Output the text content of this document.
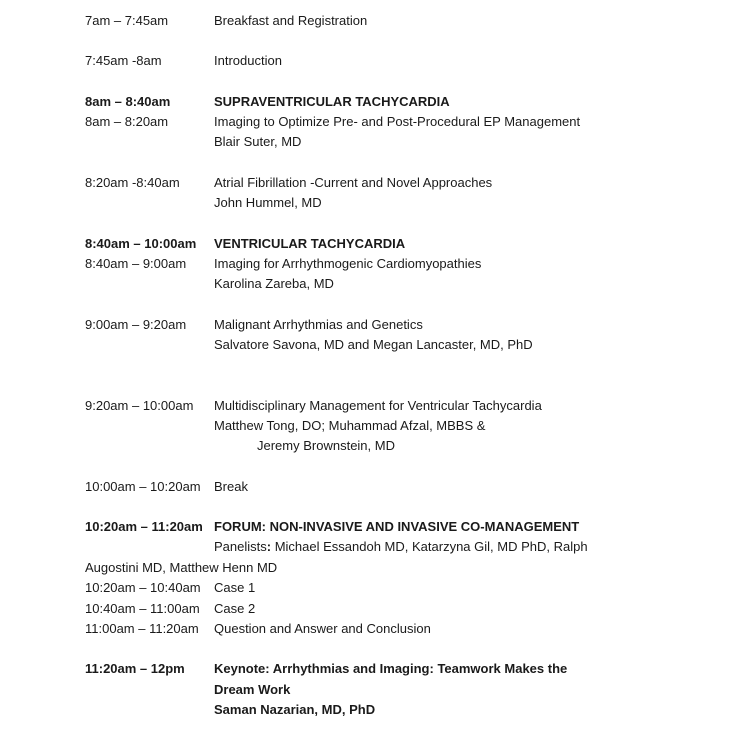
7am – 7:45am	Breakfast and Registration
7:45am -8am	Introduction
8am – 8:40am	SUPRAVENTRICULAR TACHYCARDIA
8am – 8:20am	Imaging to Optimize Pre- and Post-Procedural EP Management
Blair Suter, MD
8:20am -8:40am	Atrial Fibrillation -Current and Novel Approaches
John Hummel, MD
8:40am – 10:00am VENTRICULAR TACHYCARDIA
8:40am – 9:00am Imaging for Arrhythmogenic Cardiomyopathies
Karolina Zareba, MD
9:00am – 9:20am Malignant Arrhythmias and Genetics
Salvatore Savona, MD and Megan Lancaster, MD, PhD
9:20am – 10:00am Multidisciplinary Management for Ventricular Tachycardia
Matthew Tong, DO; Muhammad Afzal, MBBS &
Jeremy Brownstein, MD
10:00am – 10:20am Break
10:20am – 11:20am FORUM: NON-INVASIVE AND INVASIVE CO-MANAGEMENT
Panelists: Michael Essandoh MD, Katarzyna Gil, MD PhD, Ralph
Augostini MD, Matthew Henn MD
10:20am – 10:40am Case 1
10:40am – 11:00am Case 2
11:00am – 11:20am Question and Answer and Conclusion
11:20am – 12pm Keynote: Arrhythmias and Imaging: Teamwork Makes the
Dream Work
Saman Nazarian, MD, PhD
